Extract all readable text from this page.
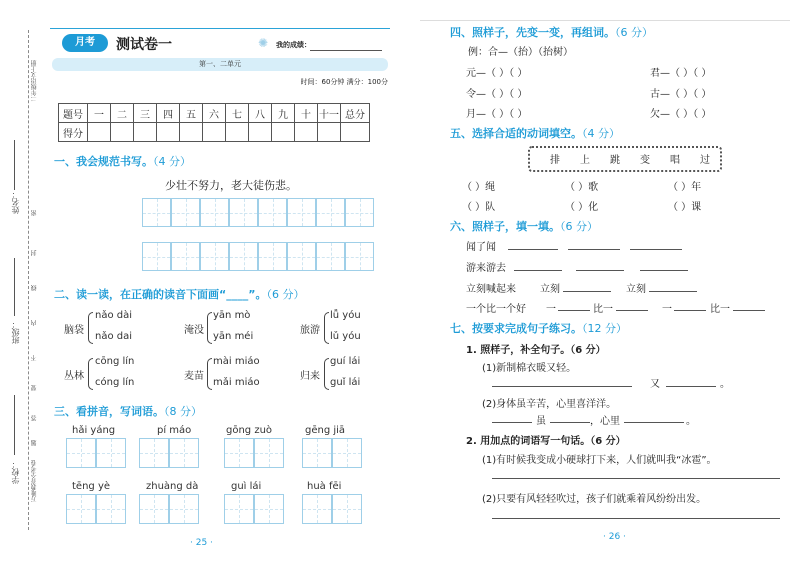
姓名：
班级：
学校：
二年级语文上册
万唯教育全考卷
密
封
线
内
不
要
答
题
月考	测试卷一	✺ 我的成绩：
第一、二单元
时间：60分钟 满分：100分
题号	一	二	三	四	五	六	七	八	九	十	十一	总分
得分												
一、我会规范书写。（4 分）
少壮不努力，老大徒伤悲。
二、读一读，在正确的读音下面画“____”。（6 分）
脑袋
nǎo dài
nǎo dai
淹没
yān mò
yān méi
旅游
lǚ yóu
lǔ yóu
丛林
cōng lín
cóng lín
麦苗
mài miáo
mǎi miáo
归来
guí lái
guǐ lái
三、看拼音，写词语。（8 分）
hǎi yáng	pí máo	gōng zuò	gēng jiā
tēng yè	zhuàng dà	guì lái	huà fēi
· 25 ·
四、照样子，先变一变，再组词。（6 分）
例：合—（抬）（抬树）
元—（ ）（ ）	君—（ ）（ ）
令—（ ）（ ）	古—（ ）（ ）
月—（ ）（ ）	欠—（ ）（ ）
五、选择合适的动词填空。（4 分）
排 上 跳 变 唱 过
（ ）绳	（ ）歌	（ ）年
（ ）队	（ ）化	（ ）课
六、照样子，填一填。（6 分）
闻了闻
游来游去
立刻喊起来 立刻	立刻
一个比一个好 一	比一	一	比一
七、按要求完成句子练习。（12 分）
1. 照样子，补全句子。（6 分）
(1)新制棉衣暖又轻。
又	。
(2)身体虽辛苦，心里喜洋洋。
虽	，心里	。
2. 用加点的词语写一句话。（6 分）
(1)有时候我变成小硬球打下来，人们就叫我“冰雹”。
(2)只要有风轻轻吹过，孩子们就乘着风纷纷出发。
· 26 ·
